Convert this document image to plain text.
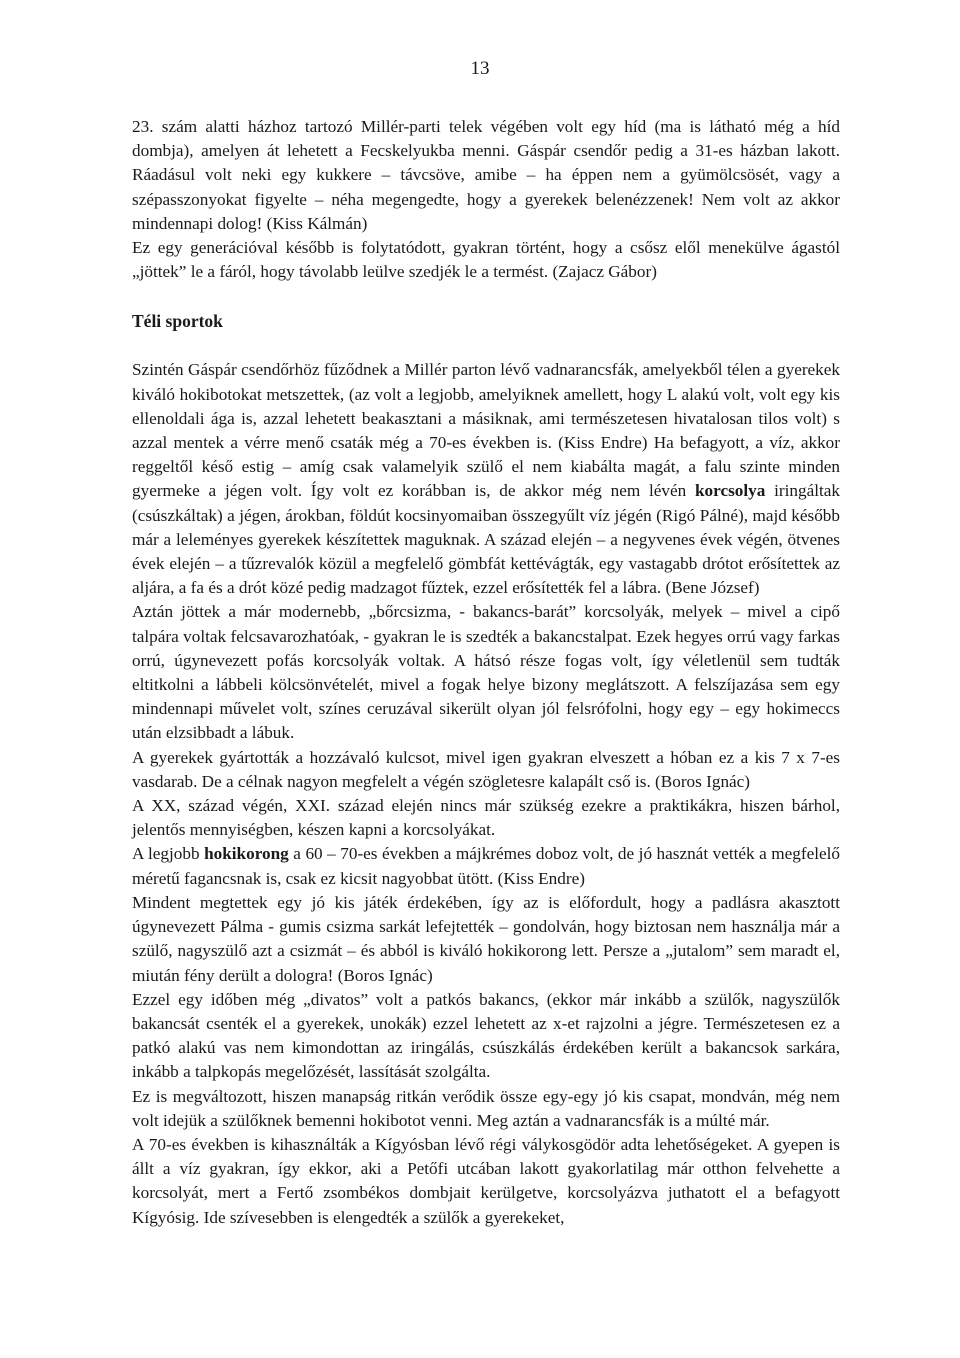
13

23. szám alatti házhoz tartozó Millér-parti telek végében volt egy híd (ma is látható még a híd dombja), amelyen át lehetett a Fecskelyukba menni. Gáspár csendőr pedig a 31-es házban lakott. Ráadásul volt neki egy kukkere – távcsöve, amibe – ha éppen nem a gyümölcsösét, vagy a szépasszonyokat figyelte – néha megengedte, hogy a gyerekek belenézzenek! Nem volt az akkor mindennapi dolog! (Kiss Kálmán)

Ez egy generációval később is folytatódott, gyakran történt, hogy a csősz elől menekülve ágastól „jöttek” le a fáról, hogy távolabb leülve szedjék le a termést. (Zajacz Gábor)

Téli sportok

Szintén Gáspár csendőrhöz fűződnek a Millér parton lévő vadnarancsfák, amelyekből télen a gyerekek kiváló hokibotokat metszettek, (az volt a legjobb, amelyiknek amellett, hogy L alakú volt, volt egy kis ellenoldali ága is, azzal lehetett beakasztani a másiknak, ami természetesen hivatalosan tilos volt) s azzal mentek a vérre menő csaták még a 70-es években is. (Kiss Endre) Ha befagyott, a víz, akkor reggeltől késő estig – amíg csak valamelyik szülő el nem kiabálta magát, a falu szinte minden gyermeke a jégen volt. Így volt ez korábban is, de akkor még nem lévén korcsolya iringáltak (csúszkáltak) a jégen, árokban, földút kocsinyomaiban összegyűlt víz jégén (Rigó Pálné), majd később már a leleményes gyerekek készítettek maguknak. A század elején – a negyvenes évek végén, ötvenes évek elején – a tűzrevalók közül a megfelelő gömbfát kettévágták, egy vastagabb drótot erősítettek az aljára, a fa és a drót közé pedig madzagot fűztek, ezzel erősítették fel a lábra. (Bene József)

Aztán jöttek a már modernebb, „bőrcsizma, - bakancs-barát” korcsolyák, melyek – mivel a cipő talpára voltak felcsavarozhatóak, - gyakran le is szedték a bakancstalpat. Ezek hegyes orrú vagy farkas orrú, úgynevezett pofás korcsolyák voltak. A hátsó része fogas volt, így véletlenül sem tudták eltitkolni a lábbeli kölcsönvételét, mivel a fogak helye bizony meglátszott. A felszíjazása sem egy mindennapi művelet volt, színes ceruzával sikerült olyan jól felsrófolni, hogy egy – egy hokimeccs után elzsibbadt a lábuk.

A gyerekek gyártották a hozzávaló kulcsot, mivel igen gyakran elveszett a hóban ez a kis 7 x 7-es vasdarab. De a célnak nagyon megfelelt a végén szögletesre kalapált cső is. (Boros Ignác)

A XX, század végén, XXI. század elején nincs már szükség ezekre a praktikákra, hiszen bárhol, jelentős mennyiségben, készen kapni a korcsolyákat.

A legjobb hokikorong a 60 – 70-es években a májkrémes doboz volt, de jó hasznát vették a megfelelő méretű fagancsnak is, csak ez kicsit nagyobbat ütött. (Kiss Endre)

Mindent megtettek egy jó kis játék érdekében, így az is előfordult, hogy a padlásra akasztott úgynevezett Pálma - gumis csizma sarkát lefejtették – gondolván, hogy biztosan nem használja már a szülő, nagyszülő azt a csizmát – és abból is kiváló hokikorong lett. Persze a „jutalom” sem maradt el, miután fény derült a dologra! (Boros Ignác)

Ezzel egy időben még „divatos” volt a patkós bakancs, (ekkor már inkább a szülők, nagyszülők bakancsát csenték el a gyerekek, unokák) ezzel lehetett az x-et rajzolni a jégre. Természetesen ez a patkó alakú vas nem kimondottan az iringálás, csúszkálás érdekében került a bakancsok sarkára, inkább a talpkopás megelőzését, lassítását szolgálta.

Ez is megváltozott, hiszen manapság ritkán verődik össze egy-egy jó kis csapat, mondván, még nem volt idejük a szülőknek bemenni hokibotot venni. Meg aztán a vadnarancsfák is a múlté már.

A 70-es években is kihasználták a Kígyósban lévő régi válykosgödör adta lehetőségeket. A gyepen is állt a víz gyakran, így ekkor, aki a Petőfi utcában lakott gyakorlatilag már otthon felvehette a korcsolyát, mert a Fertő zsombékos dombjait kerülgetve, korcsolyázva juthatott el a befagyott Kígyósig. Ide szívesebben is elengedték a szülők a gyerekeket,
